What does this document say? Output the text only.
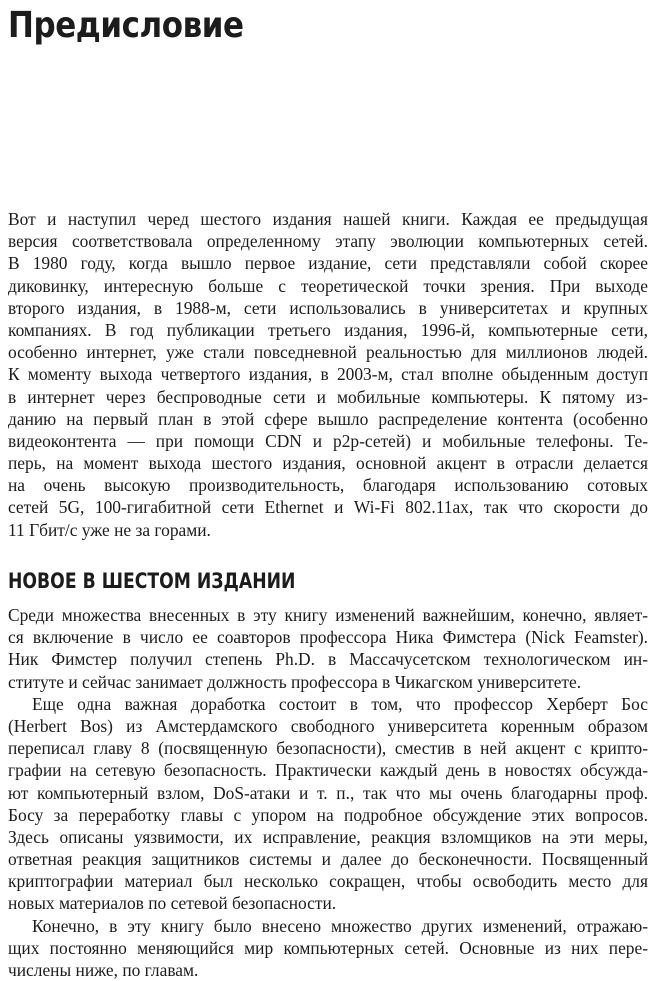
Предисловие
Вот и наступил черед шестого издания нашей книги. Каждая ее предыдущая
версия соответствовала определенному этапу эволюции компьютерных сетей.
В 1980 году, когда вышло первое издание, сети представляли собой скорее
диковинку, интересную больше с теоретической точки зрения. При выходе
второго издания, в 1988-м, сети использовались в университетах и крупных
компаниях. В год публикации третьего издания, 1996-й, компьютерные сети,
особенно интернет, уже стали повседневной реальностью для миллионов людей.
К моменту выхода четвертого издания, в 2003-м, стал вполне обыденным доступ
в интернет через беспроводные сети и мобильные компьютеры. К пятому из-
данию на первый план в этой сфере вышло распределение контента (особенно
видеоконтента — при помощи CDN и p2p-сетей) и мобильные телефоны. Те-
перь, на момент выхода шестого издания, основной акцент в отрасли делается
на очень высокую производительность, благодаря использованию сотовых
сетей 5G, 100-гигабитной сети Ethernet и Wi-Fi 802.11ax, так что скорости до
11 Гбит/с уже не за горами.
НОВОЕ В ШЕСТОМ ИЗДАНИИ
Среди множества внесенных в эту книгу изменений важнейшим, конечно, являет-
ся включение в число ее соавторов профессора Ника Фимстера (Nick Feamster).
Ник Фимстер получил степень Ph.D. в Массачусетском технологическом ин-
ституте и сейчас занимает должность профессора в Чикагском университете.
Еще одна важная доработка состоит в том, что профессор Херберт Бос
(Herbert Bos) из Амстердамского свободного университета коренным образом
переписал главу 8 (посвященную безопасности), сместив в ней акцент с крипто-
графии на сетевую безопасность. Практически каждый день в новостях обсужда-
ют компьютерный взлом, DoS-атаки и т. п., так что мы очень благодарны проф.
Босу за переработку главы с упором на подробное обсуждение этих вопросов.
Здесь описаны уязвимости, их исправление, реакция взломщиков на эти меры,
ответная реакция защитников системы и далее до бесконечности. Посвященный
криптографии материал был несколько сокращен, чтобы освободить место для
новых материалов по сетевой безопасности.
Конечно, в эту книгу было внесено множество других изменений, отражаю-
щих постоянно меняющийся мир компьютерных сетей. Основные из них пере-
числены ниже, по главам.
